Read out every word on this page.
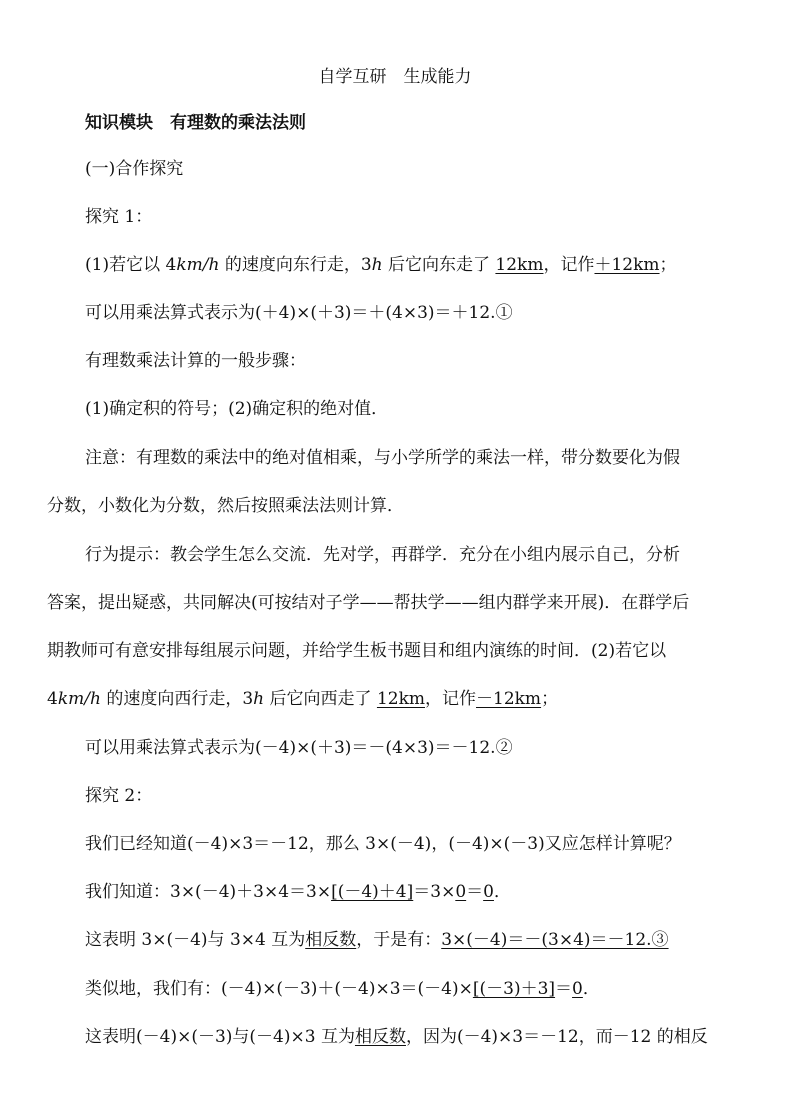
自学互研　生成能力
知识模块　有理数的乘法法则
(一)合作探究
探究 1：
(1)若它以 4km/h 的速度向东行走，3h 后它向东走了 12km，记作＋12km；
可以用乘法算式表示为(＋4)×(＋3)＝＋(4×3)＝＋12.①
有理数乘法计算的一般步骤：
(1)确定积的符号；(2)确定积的绝对值．
注意：有理数的乘法中的绝对值相乘，与小学所学的乘法一样，带分数要化为假
分数，小数化为分数，然后按照乘法法则计算．
行为提示：教会学生怎么交流．先对学，再群学．充分在小组内展示自己，分析
答案，提出疑惑，共同解决(可按结对子学——帮扶学——组内群学来开展)．在群学后
期教师可有意安排每组展示问题，并给学生板书题目和组内演练的时间．(2)若它以
4km/h 的速度向西行走，3h 后它向西走了 12km，记作－12km；
可以用乘法算式表示为(－4)×(＋3)＝－(4×3)＝－12.②
探究 2：
我们已经知道(－4)×3＝－12，那么 3×(－4)，(－4)×(－3)又应怎样计算呢？
我们知道：3×(－4)＋3×4＝3×[(－4)＋4]＝3×0＝0．
这表明 3×(－4)与 3×4 互为相反数，于是有：3×(－4)＝－(3×4)＝－12.③
类似地，我们有：(－4)×(－3)＋(－4)×3＝(－4)×[(－3)＋3]＝0．
这表明(－4)×(－3)与(－4)×3 互为相反数，因为(－4)×3＝－12，而－12 的相反
